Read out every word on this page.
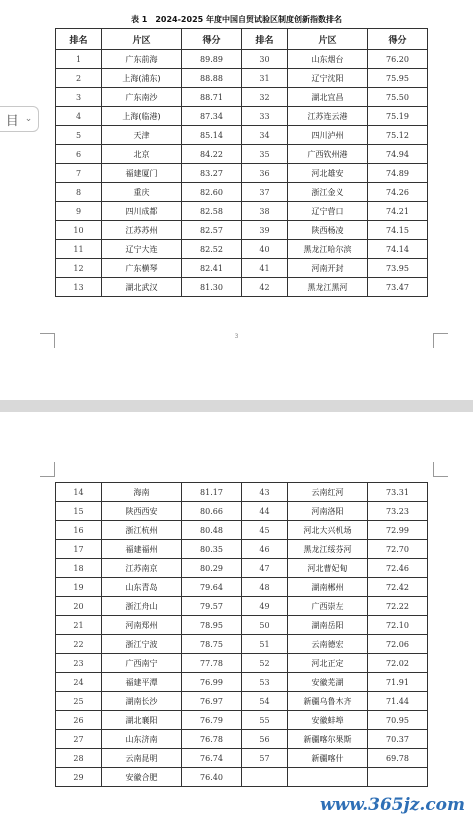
表 1　2024-2025 年度中国自贸试验区制度创新指数排名
排名	片区	得分	排名	片区	得分
1	广东前海	89.89	30	山东烟台	76.20
2	上海(浦东)	88.88	31	辽宁沈阳	75.95
3	广东南沙	88.71	32	湖北宜昌	75.50
4	上海(临港)	87.34	33	江苏连云港	75.19
5	天津	85.14	34	四川泸州	75.12
6	北京	84.22	35	广西钦州港	74.94
7	福建厦门	83.27	36	河北雄安	74.89
8	重庆	82.60	37	浙江金义	74.26
9	四川成都	82.58	38	辽宁营口	74.21
10	江苏苏州	82.57	39	陕西杨凌	74.15
11	辽宁大连	82.52	40	黑龙江哈尔滨	74.14
12	广东横琴	82.41	41	河南开封	73.95
13	湖北武汉	81.30	42	黑龙江黑河	73.47
3
14	海南	81.17	43	云南红河	73.31
15	陕西西安	80.66	44	河南洛阳	73.23
16	浙江杭州	80.48	45	河北大兴机场	72.99
17	福建福州	80.35	46	黑龙江绥芬河	72.70
18	江苏南京	80.29	47	河北曹妃甸	72.46
19	山东青岛	79.64	48	湖南郴州	72.42
20	浙江舟山	79.57	49	广西崇左	72.22
21	河南郑州	78.95	50	湖南岳阳	72.10
22	浙江宁波	78.75	51	云南德宏	72.06
23	广西南宁	77.78	52	河北正定	72.02
24	福建平潭	76.99	53	安徽芜湖	71.91
25	湖南长沙	76.97	54	新疆乌鲁木齐	71.44
26	湖北襄阳	76.79	55	安徽蚌埠	70.95
27	山东济南	76.78	56	新疆喀尔果斯	70.37
28	云南昆明	76.74	57	新疆喀什	69.78
29	安徽合肥	76.40			
目 ⌄
www.365jz.com
